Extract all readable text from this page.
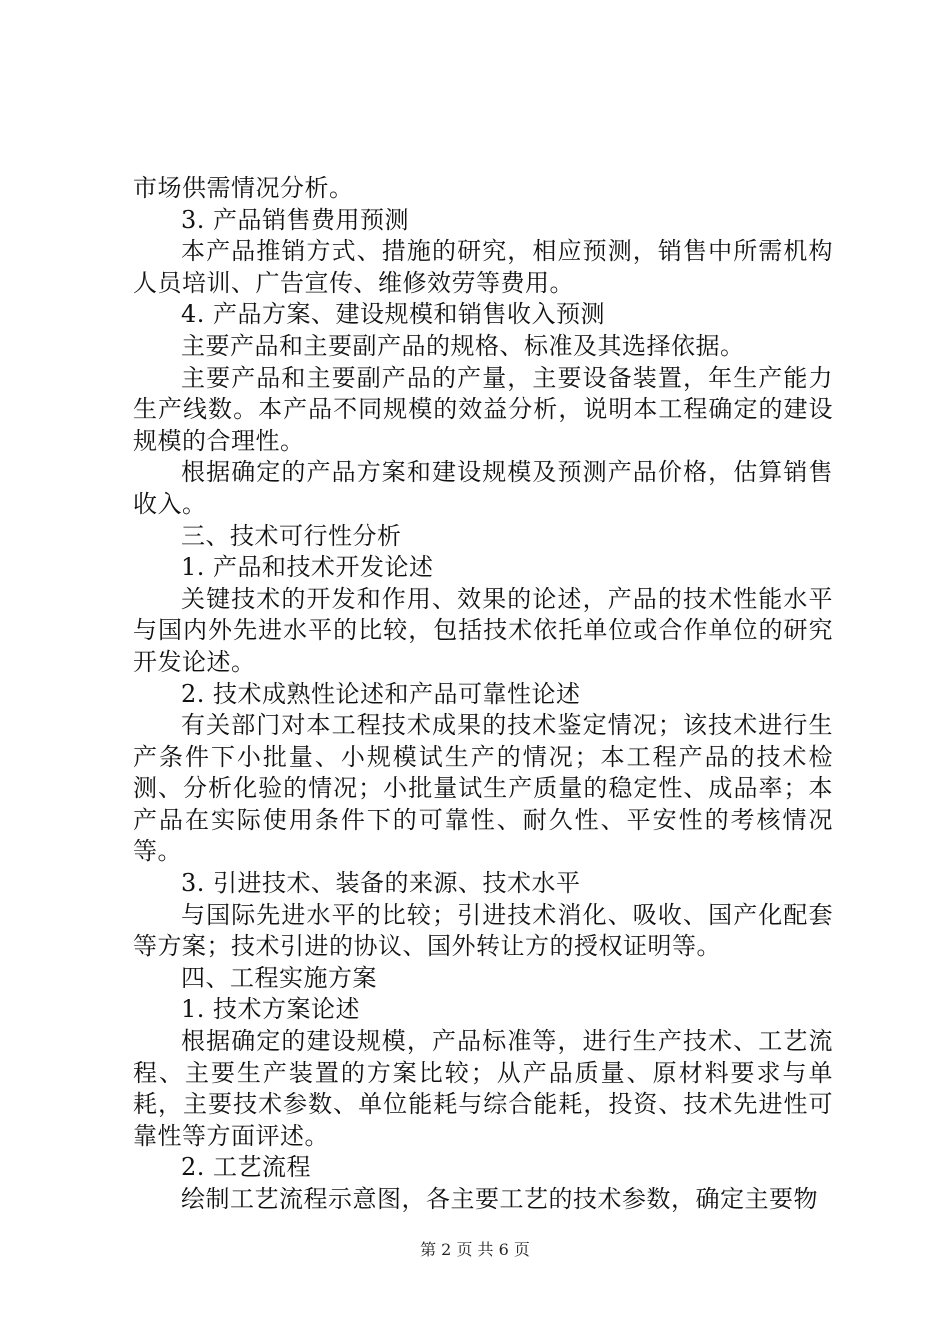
市场供需情况分析。

3. 产品销售费用预测

本产品推销方式、措施的研究，相应预测，销售中所需机构人员培训、广告宣传、维修效劳等费用。

4. 产品方案、建设规模和销售收入预测

主要产品和主要副产品的规格、标准及其选择依据。

主要产品和主要副产品的产量，主要设备装置，年生产能力生产线数。本产品不同规模的效益分析，说明本工程确定的建设规模的合理性。

根据确定的产品方案和建设规模及预测产品价格，估算销售收入。

三、技术可行性分析

1. 产品和技术开发论述

关键技术的开发和作用、效果的论述，产品的技术性能水平与国内外先进水平的比较，包括技术依托单位或合作单位的研究开发论述。

2. 技术成熟性论述和产品可靠性论述

有关部门对本工程技术成果的技术鉴定情况；该技术进行生产条件下小批量、小规模试生产的情况；本工程产品的技术检测、分析化验的情况；小批量试生产质量的稳定性、成品率；本产品在实际使用条件下的可靠性、耐久性、平安性的考核情况等。

3. 引进技术、装备的来源、技术水平

与国际先进水平的比较；引进技术消化、吸收、国产化配套等方案；技术引进的协议、国外转让方的授权证明等。

四、工程实施方案

1. 技术方案论述

根据确定的建设规模，产品标准等，进行生产技术、工艺流程、主要生产装置的方案比较；从产品质量、原材料要求与单耗，主要技术参数、单位能耗与综合能耗，投资、技术先进性可靠性等方面评述。

2. 工艺流程

绘制工艺流程示意图，各主要工艺的技术参数，确定主要物

第 2 页 共 6 页
